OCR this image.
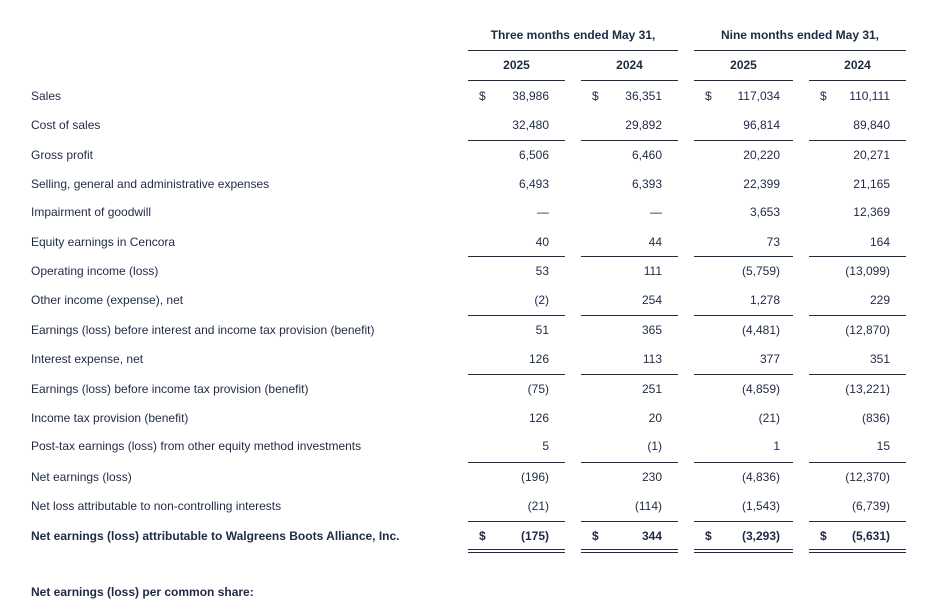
Three months ended May 31,	Nine months ended May 31,
2025	2024	2025	2024
Sales	$ 38,986	$ 36,351	$ 117,034	$ 110,111
Cost of sales	32,480	29,892	96,814	89,840
Gross profit	6,506	6,460	20,220	20,271
Selling, general and administrative expenses	6,493	6,393	22,399	21,165
Impairment of goodwill	—	—	3,653	12,369
Equity earnings in Cencora	40	44	73	164
Operating income (loss)	53	111	(5,759)	(13,099)
Other income (expense), net	(2)	254	1,278	229
Earnings (loss) before interest and income tax provision (benefit)	51	365	(4,481)	(12,870)
Interest expense, net	126	113	377	351
Earnings (loss) before income tax provision (benefit)	(75)	251	(4,859)	(13,221)
Income tax provision (benefit)	126	20	(21)	(836)
Post-tax earnings (loss) from other equity method investments	5	(1)	1	15
Net earnings (loss)	(196)	230	(4,836)	(12,370)
Net loss attributable to non-controlling interests	(21)	(114)	(1,543)	(6,739)
Net earnings (loss) attributable to Walgreens Boots Alliance, Inc.	$	(175)	$	344	$	(3,293)	$ (5,631)
Net earnings (loss) per common share:
